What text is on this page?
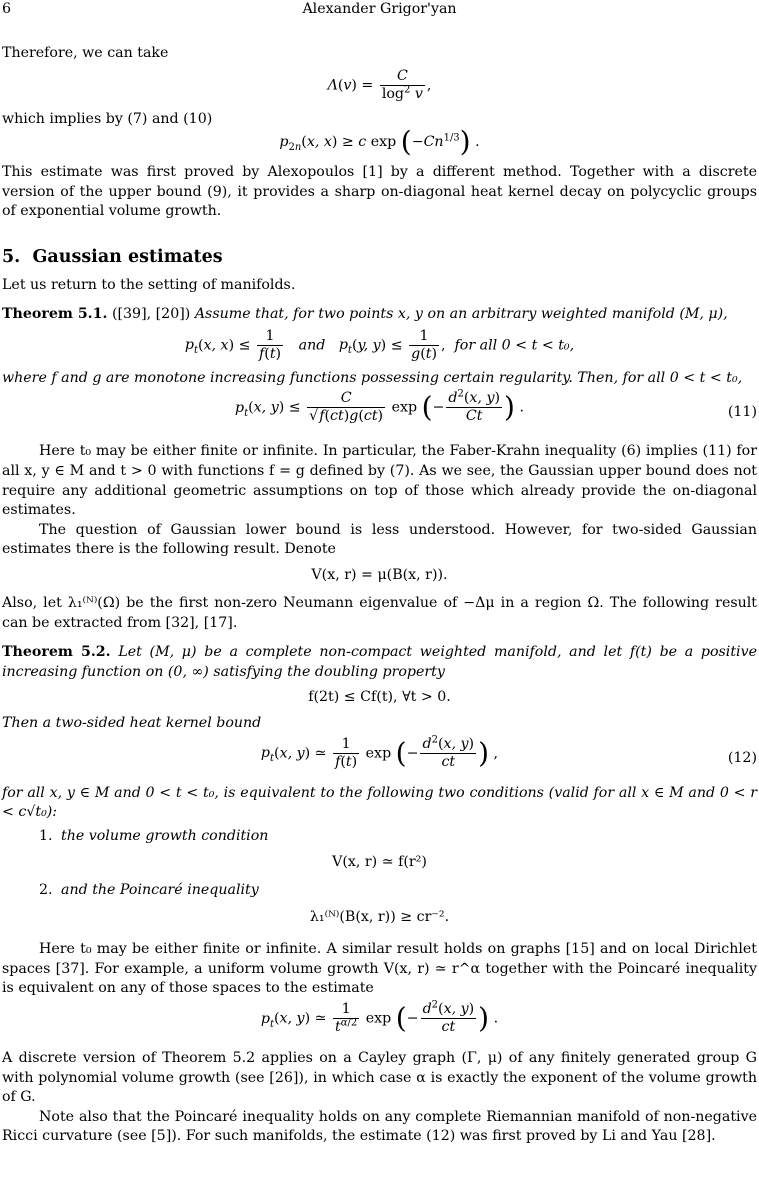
6	Alexander Grigor'yan

Therefore, we can take

$\Lambda(v) = \frac{C}{\log^2 v}$ ,

which implies by (7) and (10)

$p_{2n}(x$, x) ≥ c $\exp (-Cn^{1/3})$ .

This estimate was first proved by Alexopoulos [1] by a different method. Together with a discrete version of the upper bound (9), it provides a sharp on-diagonal heat kernel decay on polycyclic groups of exponential volume growth.

5. Gaussian estimates

Let us return to the setting of manifolds.

Theorem 5.1. ([39], [20]) Assume that, for two points x, y on an arbitrary weighted manifold (M, μ),

$p_t(x$, $x) \le \frac{1}{f(t)}$ and $p_t(y$, $y) \le \frac{1}{g(t)}$ ,  for all 0 < t < t₀,

where f and g are monotone increasing functions possessing certain regularity. Then, for all 0 < t < t₀,

$p_t(x$, $y) \le \frac{C}{√f(ct)g(ct)}$ exp (− $\frac{d^2(x, y)}{Ct}$ ) .	(11)

Here t₀ may be either finite or infinite. In particular, the Faber-Krahn inequality (6) implies (11) for all x, y ∈ M and t > 0 with functions f = g defined by (7). As we see, the Gaussian upper bound does not require any additional geometric assumptions on top of those which already provide the on-diagonal estimates.

The question of Gaussian lower bound is less understood. However, for two-sided Gaussian estimates there is the following result. Denote

V(x, r) = μ(B(x, r)).

Also, let λ₁⁽ᴺ⁾(Ω) be the first non-zero Neumann eigenvalue of −Δμ in a region Ω. The following result can be extracted from [32], [17].

Theorem 5.2. Let (M, μ) be a complete non-compact weighted manifold, and let f(t) be a positive increasing function on (0, ∞) satisfying the doubling property

f(2t) ≤ Cf(t), ∀t > 0.

Then a two-sided heat kernel bound

$p_t(x$, y) ≃ $\frac{1}{f(t)}$ exp (− $\frac{d^2(x, y)}{ct}$ ) ,	(12)

for all x, y ∈ M and 0 < t < t₀, is equivalent to the following two conditions (valid for all x ∈ M and 0 < r < c√t₀):

1. the volume growth condition
V(x, r) ≃ f(r²)
2. and the Poincaré inequality
λ₁⁽ᴺ⁾(B(x, r)) ≥ cr⁻².

Here t₀ may be either finite or infinite. A similar result holds on graphs [15] and on local Dirichlet spaces [37]. For example, a uniform volume growth V(x, r) ≃ r^α together with the Poincaré inequality is equivalent on any of those spaces to the estimate

$p_t(x$, y) ≃ $\frac{1}{t^{\alpha/2}}$ exp (− $\frac{d^2(x, y)}{ct}$ ) .

A discrete version of Theorem 5.2 applies on a Cayley graph (Γ, μ) of any finitely generated group G with polynomial volume growth (see [26]), in which case α is exactly the exponent of the volume growth of G.

Note also that the Poincaré inequality holds on any complete Riemannian manifold of non-negative Ricci curvature (see [5]). For such manifolds, the estimate (12) was first proved by Li and Yau [28].
